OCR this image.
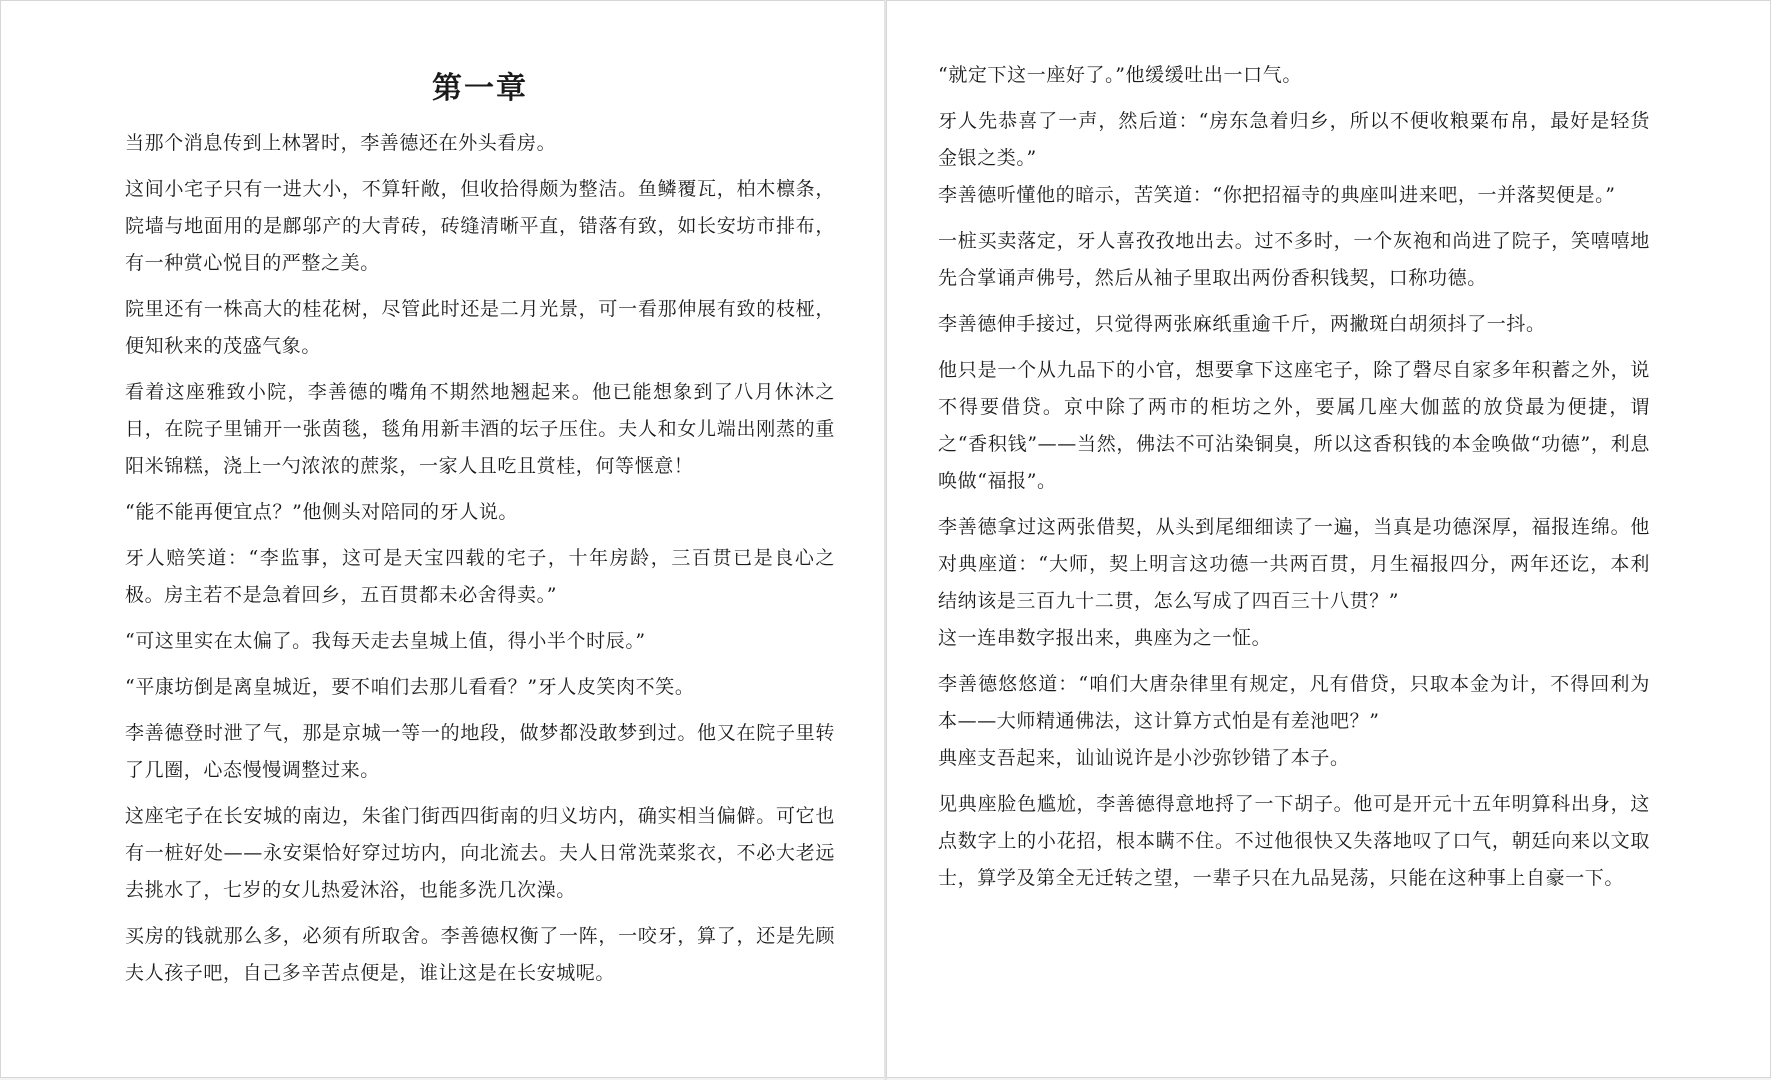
第一章

当那个消息传到上林署时，李善德还在外头看房。

这间小宅子只有一进大小，不算轩敞，但收拾得颇为整洁。鱼鳞覆瓦，柏木檩条，院墙与地面用的是鄜邬产的大青砖，砖缝清晰平直，错落有致，如长安坊市排布，有一种赏心悦目的严整之美。

院里还有一株高大的桂花树，尽管此时还是二月光景，可一看那伸展有致的枝桠，便知秋来的茂盛气象。

看着这座雅致小院，李善德的嘴角不期然地翘起来。他已能想象到了八月休沐之日，在院子里铺开一张茵毯，毯角用新丰酒的坛子压住。夫人和女儿端出刚蒸的重阳米锦糕，浇上一勺浓浓的蔗浆，一家人且吃且赏桂，何等惬意！

“能不能再便宜点？”他侧头对陪同的牙人说。

牙人赔笑道：“李监事，这可是天宝四载的宅子，十年房龄，三百贯已是良心之极。房主若不是急着回乡，五百贯都未必舍得卖。”

“可这里实在太偏了。我每天走去皇城上值，得小半个时辰。”

“平康坊倒是离皇城近，要不咱们去那儿看看？”牙人皮笑肉不笑。

李善德登时泄了气，那是京城一等一的地段，做梦都没敢梦到过。他又在院子里转了几圈，心态慢慢调整过来。

这座宅子在长安城的南边，朱雀门街西四街南的归义坊内，确实相当偏僻。可它也有一桩好处——永安渠恰好穿过坊内，向北流去。夫人日常洗菜浆衣，不必大老远去挑水了，七岁的女儿热爱沐浴，也能多洗几次澡。

买房的钱就那么多，必须有所取舍。李善德权衡了一阵，一咬牙，算了，还是先顾夫人孩子吧，自己多辛苦点便是，谁让这是在长安城呢。

“就定下这一座好了。”他缓缓吐出一口气。

牙人先恭喜了一声，然后道：“房东急着归乡，所以不便收粮粟布帛，最好是轻货金银之类。”

李善德听懂他的暗示，苦笑道：“你把招福寺的典座叫进来吧，一并落契便是。”

一桩买卖落定，牙人喜孜孜地出去。过不多时，一个灰袍和尚进了院子，笑嘻嘻地先合掌诵声佛号，然后从袖子里取出两份香积钱契，口称功德。

李善德伸手接过，只觉得两张麻纸重逾千斤，两撇斑白胡须抖了一抖。

他只是一个从九品下的小官，想要拿下这座宅子，除了磬尽自家多年积蓄之外，说不得要借贷。京中除了两市的柜坊之外，要属几座大伽蓝的放贷最为便捷，谓之“香积钱”——当然，佛法不可沾染铜臭，所以这香积钱的本金唤做“功德”，利息唤做“福报”。

李善德拿过这两张借契，从头到尾细细读了一遍，当真是功德深厚，福报连绵。他对典座道：“大师，契上明言这功德一共两百贯，月生福报四分，两年还讫，本利结纳该是三百九十二贯，怎么写成了四百三十八贯？”

这一连串数字报出来，典座为之一怔。

李善德悠悠道：“咱们大唐杂律里有规定，凡有借贷，只取本金为计，不得回利为本——大师精通佛法，这计算方式怕是有差池吧？”

典座支吾起来，讪讪说许是小沙弥钞错了本子。

见典座脸色尴尬，李善德得意地捋了一下胡子。他可是开元十五年明算科出身，这点数字上的小花招，根本瞒不住。不过他很快又失落地叹了口气，朝廷向来以文取士，算学及第全无迁转之望，一辈子只在九品晃荡，只能在这种事上自豪一下。
